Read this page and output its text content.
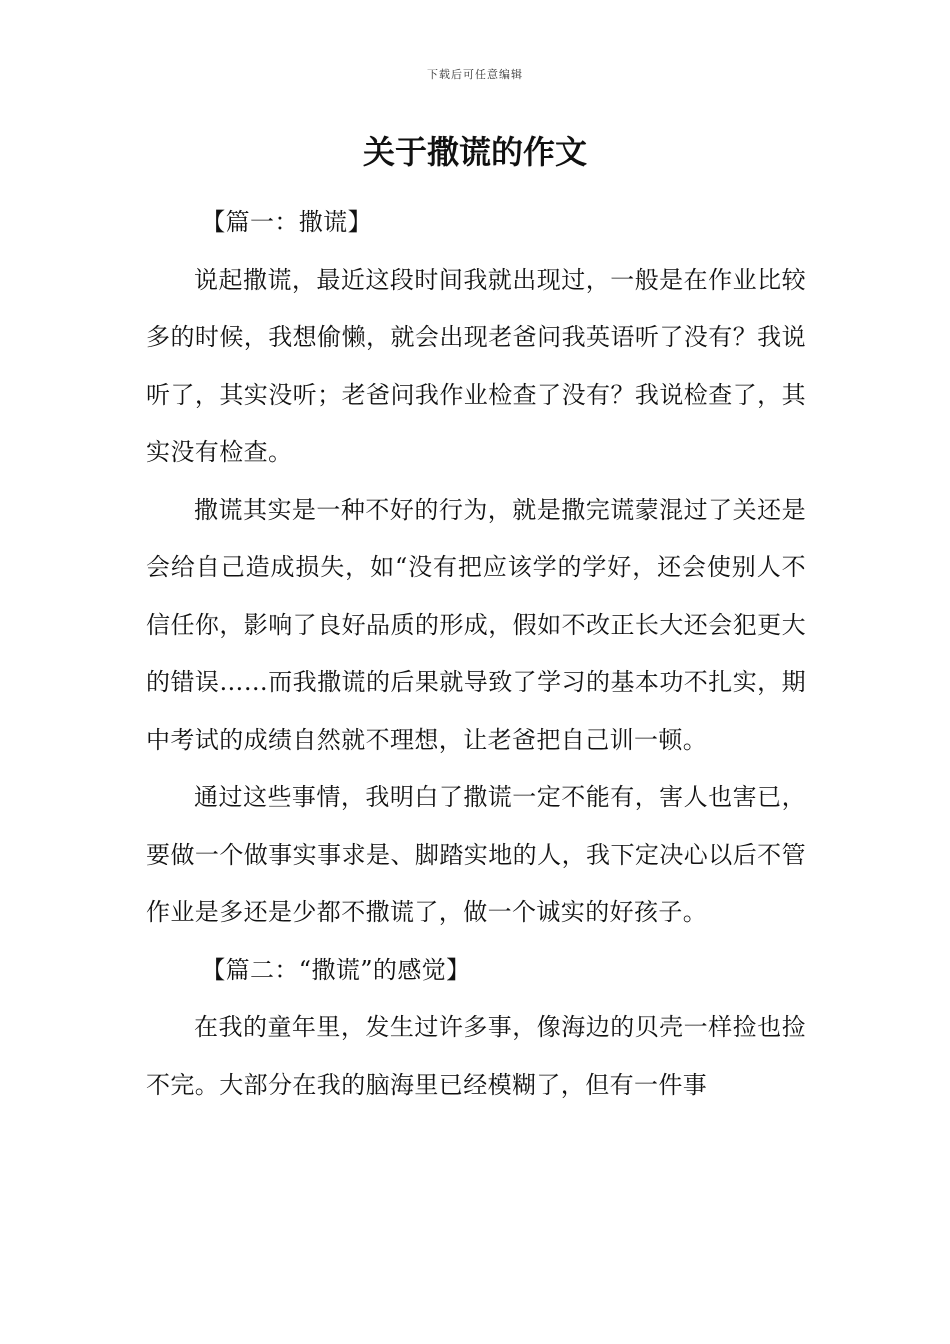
下载后可任意编辑
关于撒谎的作文

【篇一：撒谎】

说起撒谎，最近这段时间我就出现过，一般是在作业比较多的时候，我想偷懒，就会出现老爸问我英语听了没有？我说听了，其实没听；老爸问我作业检查了没有？我说检查了，其实没有检查。

撒谎其实是一种不好的行为，就是撒完谎蒙混过了关还是会给自己造成损失，如“没有把应该学的学好，还会使别人不信任你，影响了良好品质的形成，假如不改正长大还会犯更大的错误……而我撒谎的后果就导致了学习的基本功不扎实，期中考试的成绩自然就不理想，让老爸把自己训一顿。

通过这些事情，我明白了撒谎一定不能有，害人也害已，要做一个做事实事求是、脚踏实地的人，我下定决心以后不管作业是多还是少都不撒谎了，做一个诚实的好孩子。

【篇二：“撒谎”的感觉】

在我的童年里，发生过许多事，像海边的贝壳一样捡也捡不完。大部分在我的脑海里已经模糊了，但有一件事
